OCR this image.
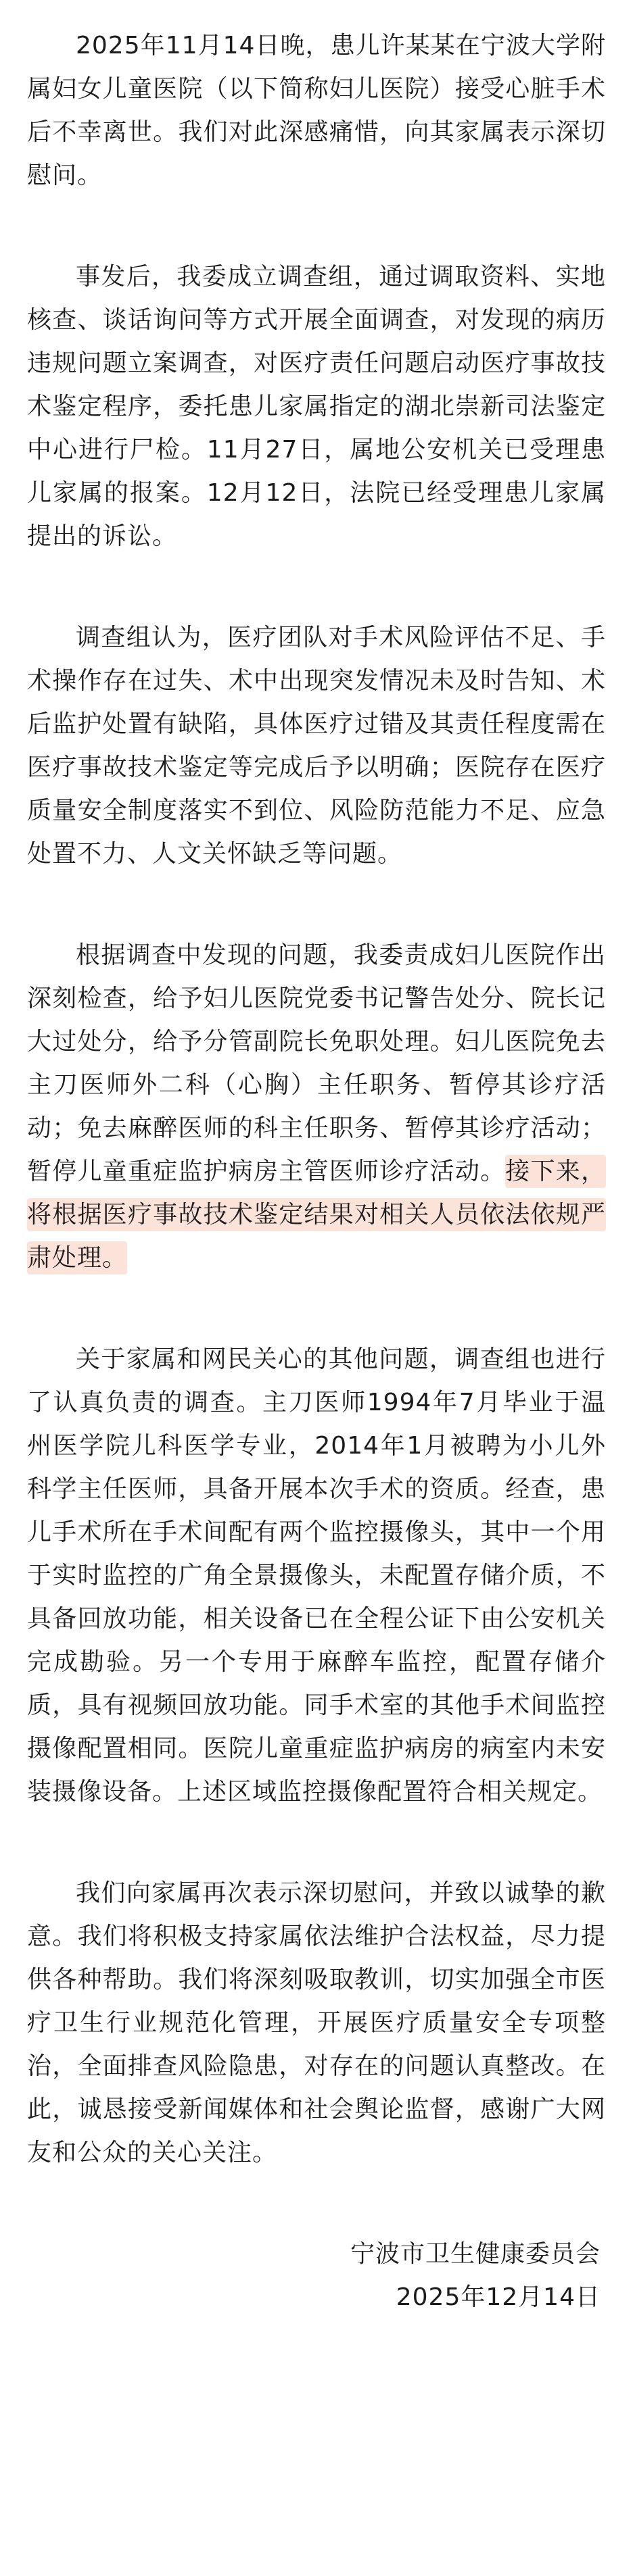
2025年11月14日晚，患儿许某某在宁波大学附属妇女儿童医院（以下简称妇儿医院）接受心脏手术后不幸离世。我们对此深感痛惜，向其家属表示深切慰问。

事发后，我委成立调查组，通过调取资料、实地核查、谈话询问等方式开展全面调查，对发现的病历违规问题立案调查，对医疗责任问题启动医疗事故技术鉴定程序，委托患儿家属指定的湖北崇新司法鉴定中心进行尸检。11月27日，属地公安机关已受理患儿家属的报案。12月12日，法院已经受理患儿家属提出的诉讼。

调查组认为，医疗团队对手术风险评估不足、手术操作存在过失、术中出现突发情况未及时告知、术后监护处置有缺陷，具体医疗过错及其责任程度需在医疗事故技术鉴定等完成后予以明确；医院存在医疗质量安全制度落实不到位、风险防范能力不足、应急处置不力、人文关怀缺乏等问题。

根据调查中发现的问题，我委责成妇儿医院作出深刻检查，给予妇儿医院党委书记警告处分、院长记大过处分，给予分管副院长免职处理。妇儿医院免去主刀医师外二科（心胸）主任职务、暂停其诊疗活动；免去麻醉医师的科主任职务、暂停其诊疗活动；暂停儿童重症监护病房主管医师诊疗活动。接下来，将根据医疗事故技术鉴定结果对相关人员依法依规严肃处理。

关于家属和网民关心的其他问题，调查组也进行了认真负责的调查。主刀医师1994年7月毕业于温州医学院儿科医学专业，2014年1月被聘为小儿外科学主任医师，具备开展本次手术的资质。经查，患儿手术所在手术间配有两个监控摄像头，其中一个用于实时监控的广角全景摄像头，未配置存储介质，不具备回放功能，相关设备已在全程公证下由公安机关完成勘验。另一个专用于麻醉车监控，配置存储介质，具有视频回放功能。同手术室的其他手术间监控摄像配置相同。医院儿童重症监护病房的病室内未安装摄像设备。上述区域监控摄像配置符合相关规定。

我们向家属再次表示深切慰问，并致以诚挚的歉意。我们将积极支持家属依法维护合法权益，尽力提供各种帮助。我们将深刻吸取教训，切实加强全市医疗卫生行业规范化管理，开展医疗质量安全专项整治，全面排查风险隐患，对存在的问题认真整改。在此，诚恳接受新闻媒体和社会舆论监督，感谢广大网友和公众的关心关注。

宁波市卫生健康委员会
2025年12月14日
